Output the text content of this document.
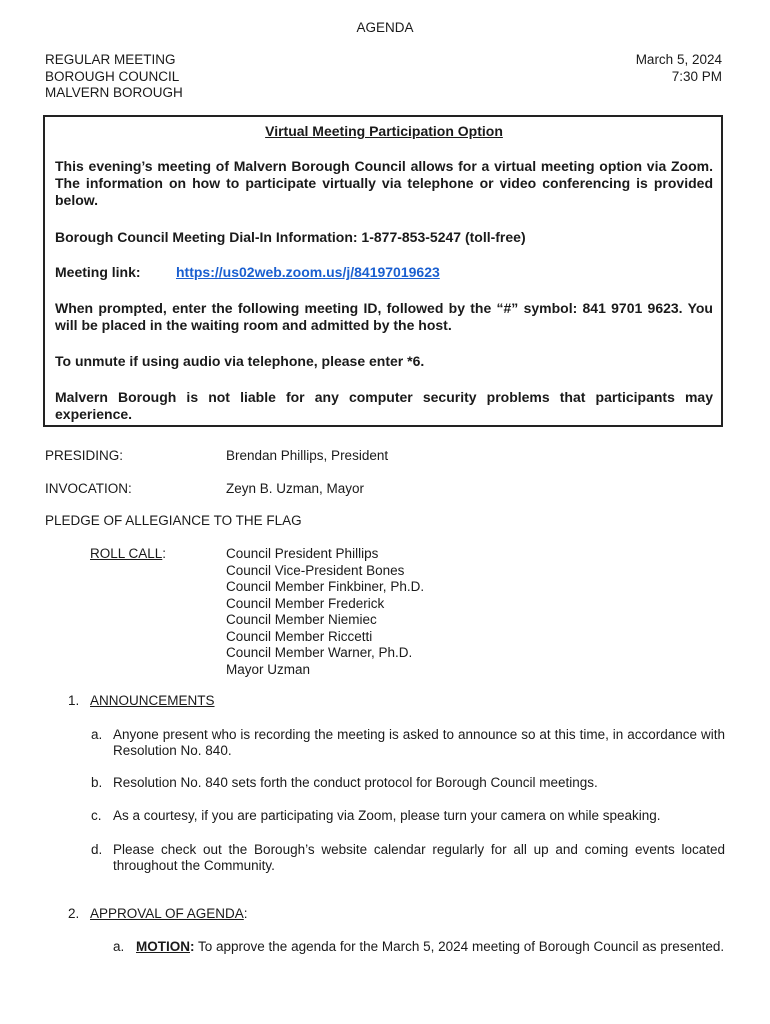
AGENDA
REGULAR MEETING
BOROUGH COUNCIL
MALVERN BOROUGH
March 5, 2024
7:30 PM
Virtual Meeting Participation Option
This evening’s meeting of Malvern Borough Council allows for a virtual meeting option via Zoom. The information on how to participate virtually via telephone or video conferencing is provided below.
Borough Council Meeting Dial-In Information: 1-877-853-5247 (toll-free)
Meeting link:	https://us02web.zoom.us/j/84197019623
When prompted, enter the following meeting ID, followed by the “#” symbol: 841 9701 9623. You will be placed in the waiting room and admitted by the host.
To unmute if using audio via telephone, please enter *6.
Malvern Borough is not liable for any computer security problems that participants may experience.
PRESIDING:	Brendan Phillips, President
INVOCATION:	Zeyn B. Uzman, Mayor
PLEDGE OF ALLEGIANCE TO THE FLAG
ROLL CALL:	Council President Phillips
Council Vice-President Bones
Council Member Finkbiner, Ph.D.
Council Member Frederick
Council Member Niemiec
Council Member Riccetti
Council Member Warner, Ph.D.
Mayor Uzman
1. ANNOUNCEMENTS
a. Anyone present who is recording the meeting is asked to announce so at this time, in accordance with Resolution No. 840.
b. Resolution No. 840 sets forth the conduct protocol for Borough Council meetings.
c. As a courtesy, if you are participating via Zoom, please turn your camera on while speaking.
d. Please check out the Borough’s website calendar regularly for all up and coming events located throughout the Community.
2. APPROVAL OF AGENDA:
a. MOTION: To approve the agenda for the March 5, 2024 meeting of Borough Council as presented.
